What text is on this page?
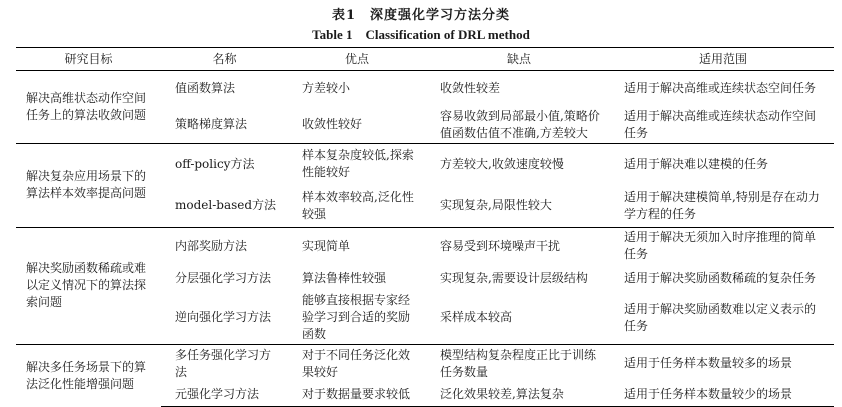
表1　深度强化学习方法分类
Table 1　Classification of DRL method
研究目标	名称	优点	缺点	适用范围
解决高维状态动作空间任务上的算法收敛问题	值函数算法	方差较小	收敛性较差	适用于解决高维或连续状态空间任务
	策略梯度算法	收敛性较好	容易收敛到局部最小值,策略价值函数估值不准确,方差较大	适用于解决高维或连续状态动作空间任务
解决复杂应用场景下的算法样本效率提高问题	off-policy方法	样本复杂度较低,探索性能较好	方差较大,收敛速度较慢	适用于解决难以建模的任务
	model-based方法	样本效率较高,泛化性较强	实现复杂,局限性较大	适用于解决建模简单,特别是存在动力学方程的任务
解决奖励函数稀疏或难以定义情况下的算法探索问题	内部奖励方法	实现简单	容易受到环境噪声干扰	适用于解决无须加入时序推理的简单任务
	分层强化学习方法	算法鲁棒性较强	实现复杂,需要设计层级结构	适用于解决奖励函数稀疏的复杂任务
	逆向强化学习方法	能够直接根据专家经验学习到合适的奖励函数	采样成本较高	适用于解决奖励函数难以定义表示的任务
解决多任务场景下的算法泛化性能增强问题	多任务强化学习方法	对于不同任务泛化效果较好	模型结构复杂程度正比于训练任务数量	适用于任务样本数量较多的场景
	元强化学习方法	对于数据量要求较低	泛化效果较差,算法复杂	适用于任务样本数量较少的场景
